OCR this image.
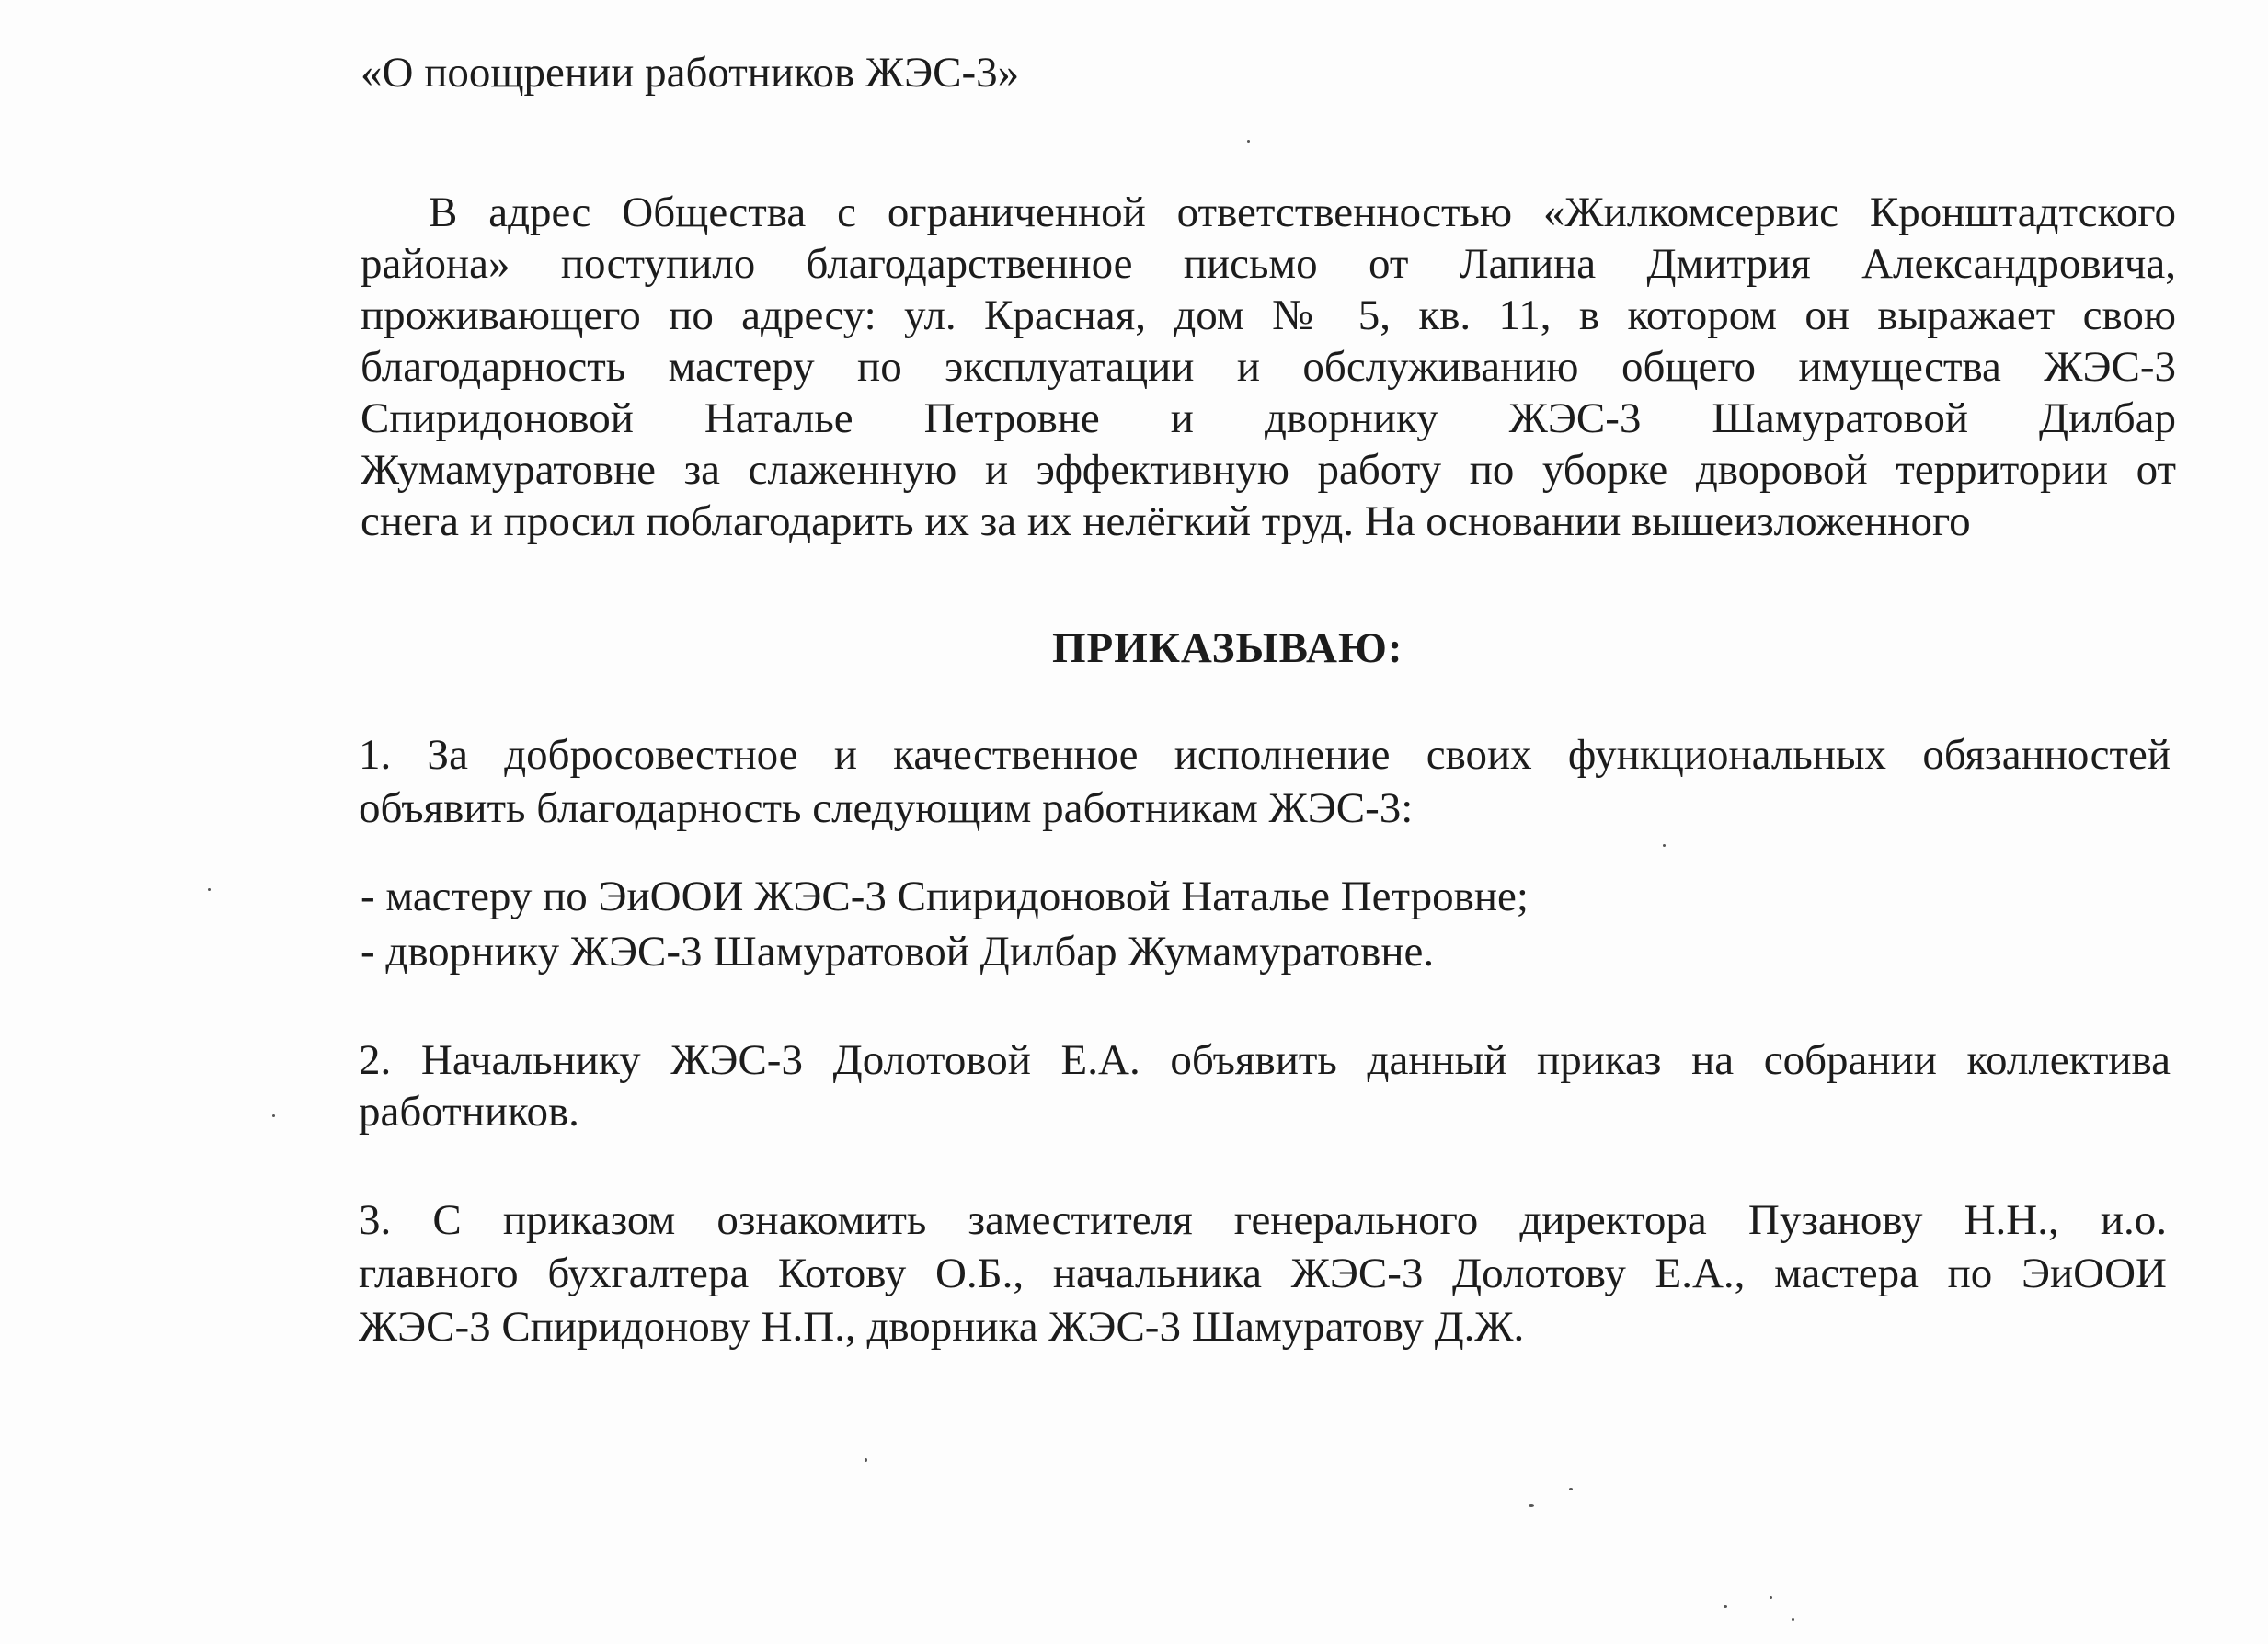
«О поощрении работников ЖЭС-3»
В адрес Общества с ограниченной ответственностью «Жилкомсервис Кронштадтского
района» поступило благодарственное письмо от Лапина Дмитрия Александровича,
проживающего по адресу: ул. Красная, дом № 5, кв. 11, в котором он выражает свою
благодарность мастеру по эксплуатации и обслуживанию общего имущества ЖЭС-3
Спиридоновой Наталье Петровне и дворнику ЖЭС-3 Шамуратовой Дилбар
Жумамуратовне за слаженную и эффективную работу по уборке дворовой территории от
снега и просил поблагодарить их за их нелёгкий труд. На основании вышеизложенного
ПРИКАЗЫВАЮ:
1. За добросовестное и качественное исполнение своих функциональных обязанностей
объявить благодарность следующим работникам ЖЭС-3:
- мастеру по ЭиООИ ЖЭС-3 Спиридоновой Наталье Петровне;
- дворнику ЖЭС-3 Шамуратовой Дилбар Жумамуратовне.
2. Начальнику ЖЭС-3 Долотовой Е.А. объявить данный приказ на собрании коллектива
работников.
3. С приказом ознакомить заместителя генерального директора Пузанову Н.Н., и.о.
главного бухгалтера Котову О.Б., начальника ЖЭС-3 Долотову Е.А., мастера по ЭиООИ
ЖЭС-3 Спиридонову Н.П., дворника ЖЭС-3 Шамуратову Д.Ж.
